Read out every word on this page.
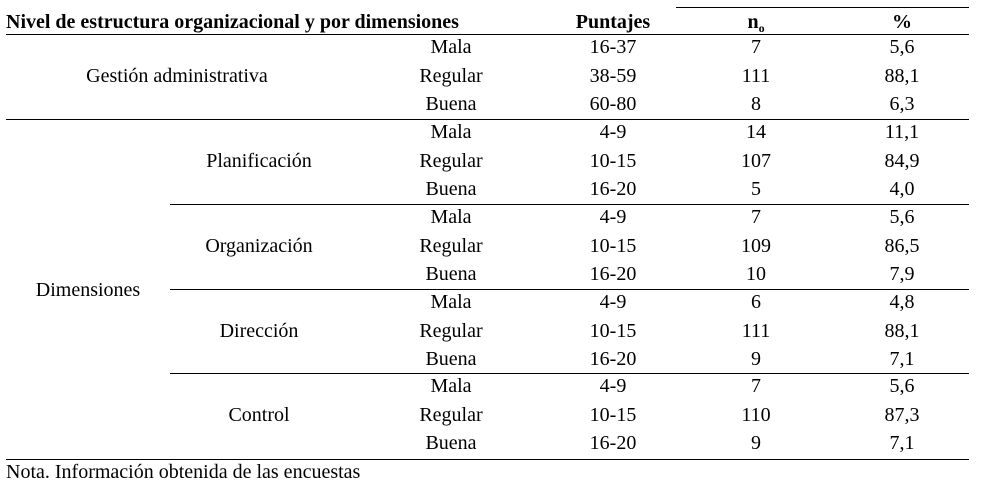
Nivel de estructura organizacional y por dimensiones	Puntajes	$n_o$	%
Gestión administrativa
Mala	16-37	7	5,6
Regular	38-59	111	88,1
Buena	60-80	8	6,3
Dimensiones
Planificación
Mala	4-9	14	11,1
Regular	10-15	107	84,9
Buena	16-20	5	4,0
Organización
Mala	4-9	7	5,6
Regular	10-15	109	86,5
Buena	16-20	10	7,9
Dirección
Mala	4-9	6	4,8
Regular	10-15	111	88,1
Buena	16-20	9	7,1
Control
Mala	4-9	7	5,6
Regular	10-15	110	87,3
Buena	16-20	9	7,1
Nota. Información obtenida de las encuestas
